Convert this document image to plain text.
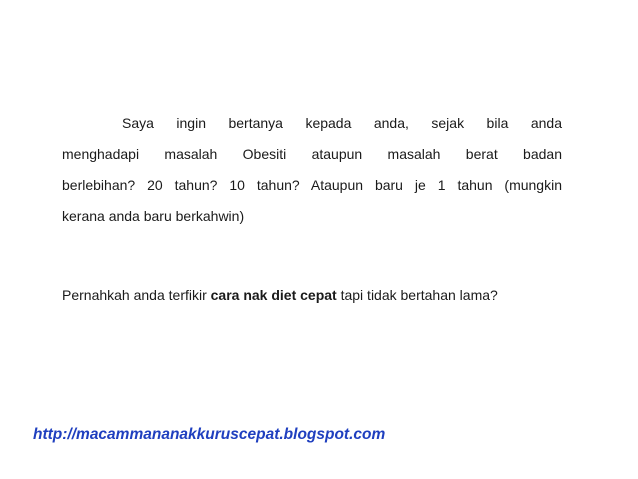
Saya ingin bertanya kepada anda, sejak bila anda
menghadapi masalah Obesiti ataupun masalah berat badan
berlebihan? 20 tahun? 10 tahun? Ataupun baru je 1 tahun (mungkin
kerana anda baru berkahwin)
Pernahkah anda terfikir cara nak diet cepat tapi tidak bertahan lama?
http://macammananakkuruscepat.blogspot.com
